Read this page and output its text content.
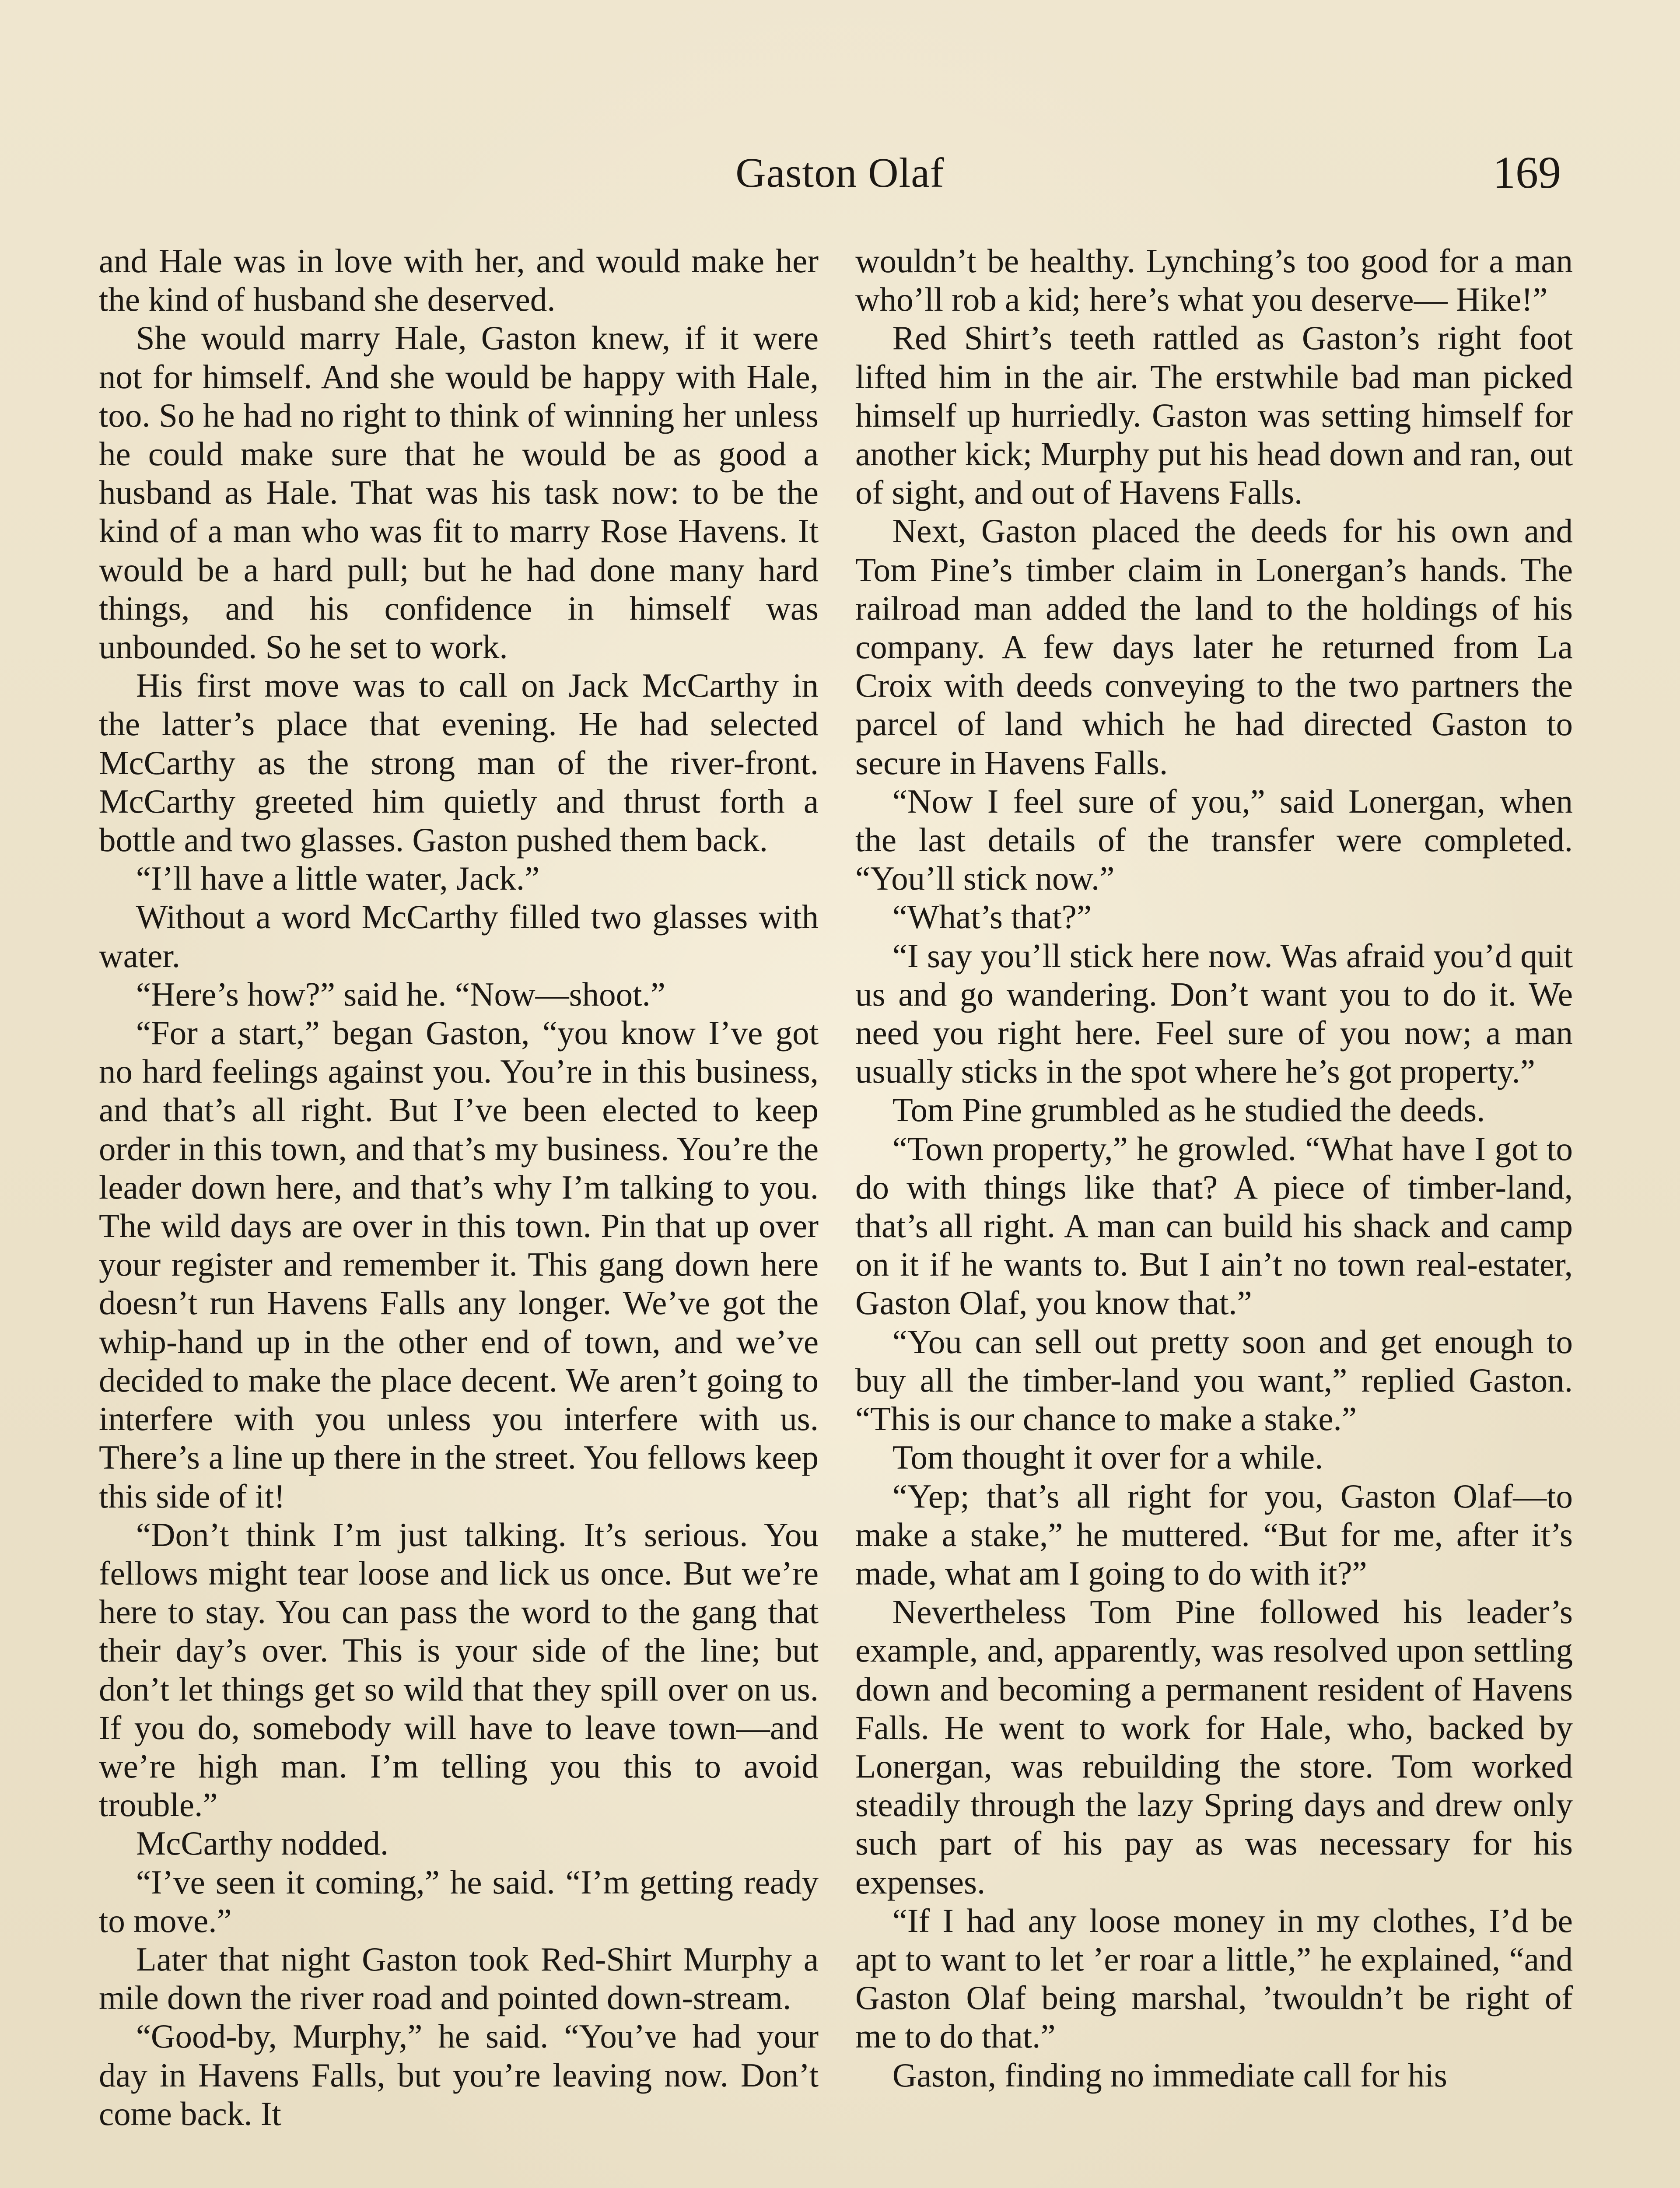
Gaston Olaf	169

and Hale was in love with her, and would make her the kind of husband she deserved.

She would marry Hale, Gaston knew, if it were not for himself. And she would be happy with Hale, too. So he had no right to think of winning her unless he could make sure that he would be as good a husband as Hale. That was his task now: to be the kind of a man who was fit to marry Rose Havens. It would be a hard pull; but he had done many hard things, and his confidence in himself was unbounded. So he set to work.

His first move was to call on Jack McCarthy in the latter’s place that evening. He had selected McCarthy as the strong man of the river-front. McCarthy greeted him quietly and thrust forth a bottle and two glasses. Gaston pushed them back.

“I’ll have a little water, Jack.”

Without a word McCarthy filled two glasses with water.

“Here’s how?” said he. “Now—shoot.”

“For a start,” began Gaston, “you know I’ve got no hard feelings against you. You’re in this business, and that’s all right. But I’ve been elected to keep order in this town, and that’s my business. You’re the leader down here, and that’s why I’m talking to you. The wild days are over in this town. Pin that up over your register and remember it. This gang down here doesn’t run Havens Falls any longer. We’ve got the whip-hand up in the other end of town, and we’ve decided to make the place decent. We aren’t going to interfere with you unless you interfere with us. There’s a line up there in the street. You fellows keep this side of it!

“Don’t think I’m just talking. It’s serious. You fellows might tear loose and lick us once. But we’re here to stay. You can pass the word to the gang that their day’s over. This is your side of the line; but don’t let things get so wild that they spill over on us. If you do, somebody will have to leave town—and we’re high man. I’m telling you this to avoid trouble.”

McCarthy nodded.

“I’ve seen it coming,” he said. “I’m getting ready to move.”

Later that night Gaston took Red-Shirt Murphy a mile down the river road and pointed down-stream.

“Good-by, Murphy,” he said. “You’ve had your day in Havens Falls, but you’re leaving now. Don’t come back. It

wouldn’t be healthy. Lynching’s too good for a man who’ll rob a kid; here’s what you deserve— Hike!”

Red Shirt’s teeth rattled as Gaston’s right foot lifted him in the air. The erstwhile bad man picked himself up hurriedly. Gaston was setting himself for another kick; Murphy put his head down and ran, out of sight, and out of Havens Falls.

Next, Gaston placed the deeds for his own and Tom Pine’s timber claim in Lonergan’s hands. The railroad man added the land to the holdings of his company. A few days later he returned from La Croix with deeds conveying to the two partners the parcel of land which he had directed Gaston to secure in Havens Falls.

“Now I feel sure of you,” said Lonergan, when the last details of the transfer were completed. “You’ll stick now.”

“What’s that?”

“I say you’ll stick here now. Was afraid you’d quit us and go wandering. Don’t want you to do it. We need you right here. Feel sure of you now; a man usually sticks in the spot where he’s got property.”

Tom Pine grumbled as he studied the deeds.

“Town property,” he growled. “What have I got to do with things like that? A piece of timber-land, that’s all right. A man can build his shack and camp on it if he wants to. But I ain’t no town real-estater, Gaston Olaf, you know that.”

“You can sell out pretty soon and get enough to buy all the timber-land you want,” replied Gaston. “This is our chance to make a stake.”

Tom thought it over for a while.

“Yep; that’s all right for you, Gaston Olaf—to make a stake,” he muttered. “But for me, after it’s made, what am I going to do with it?”

Nevertheless Tom Pine followed his leader’s example, and, apparently, was resolved upon settling down and becoming a permanent resident of Havens Falls. He went to work for Hale, who, backed by Lonergan, was rebuilding the store. Tom worked steadily through the lazy Spring days and drew only such part of his pay as was necessary for his expenses.

“If I had any loose money in my clothes, I’d be apt to want to let ’er roar a little,” he explained, “and Gaston Olaf being marshal, ’twouldn’t be right of me to do that.”

Gaston, finding no immediate call for his
